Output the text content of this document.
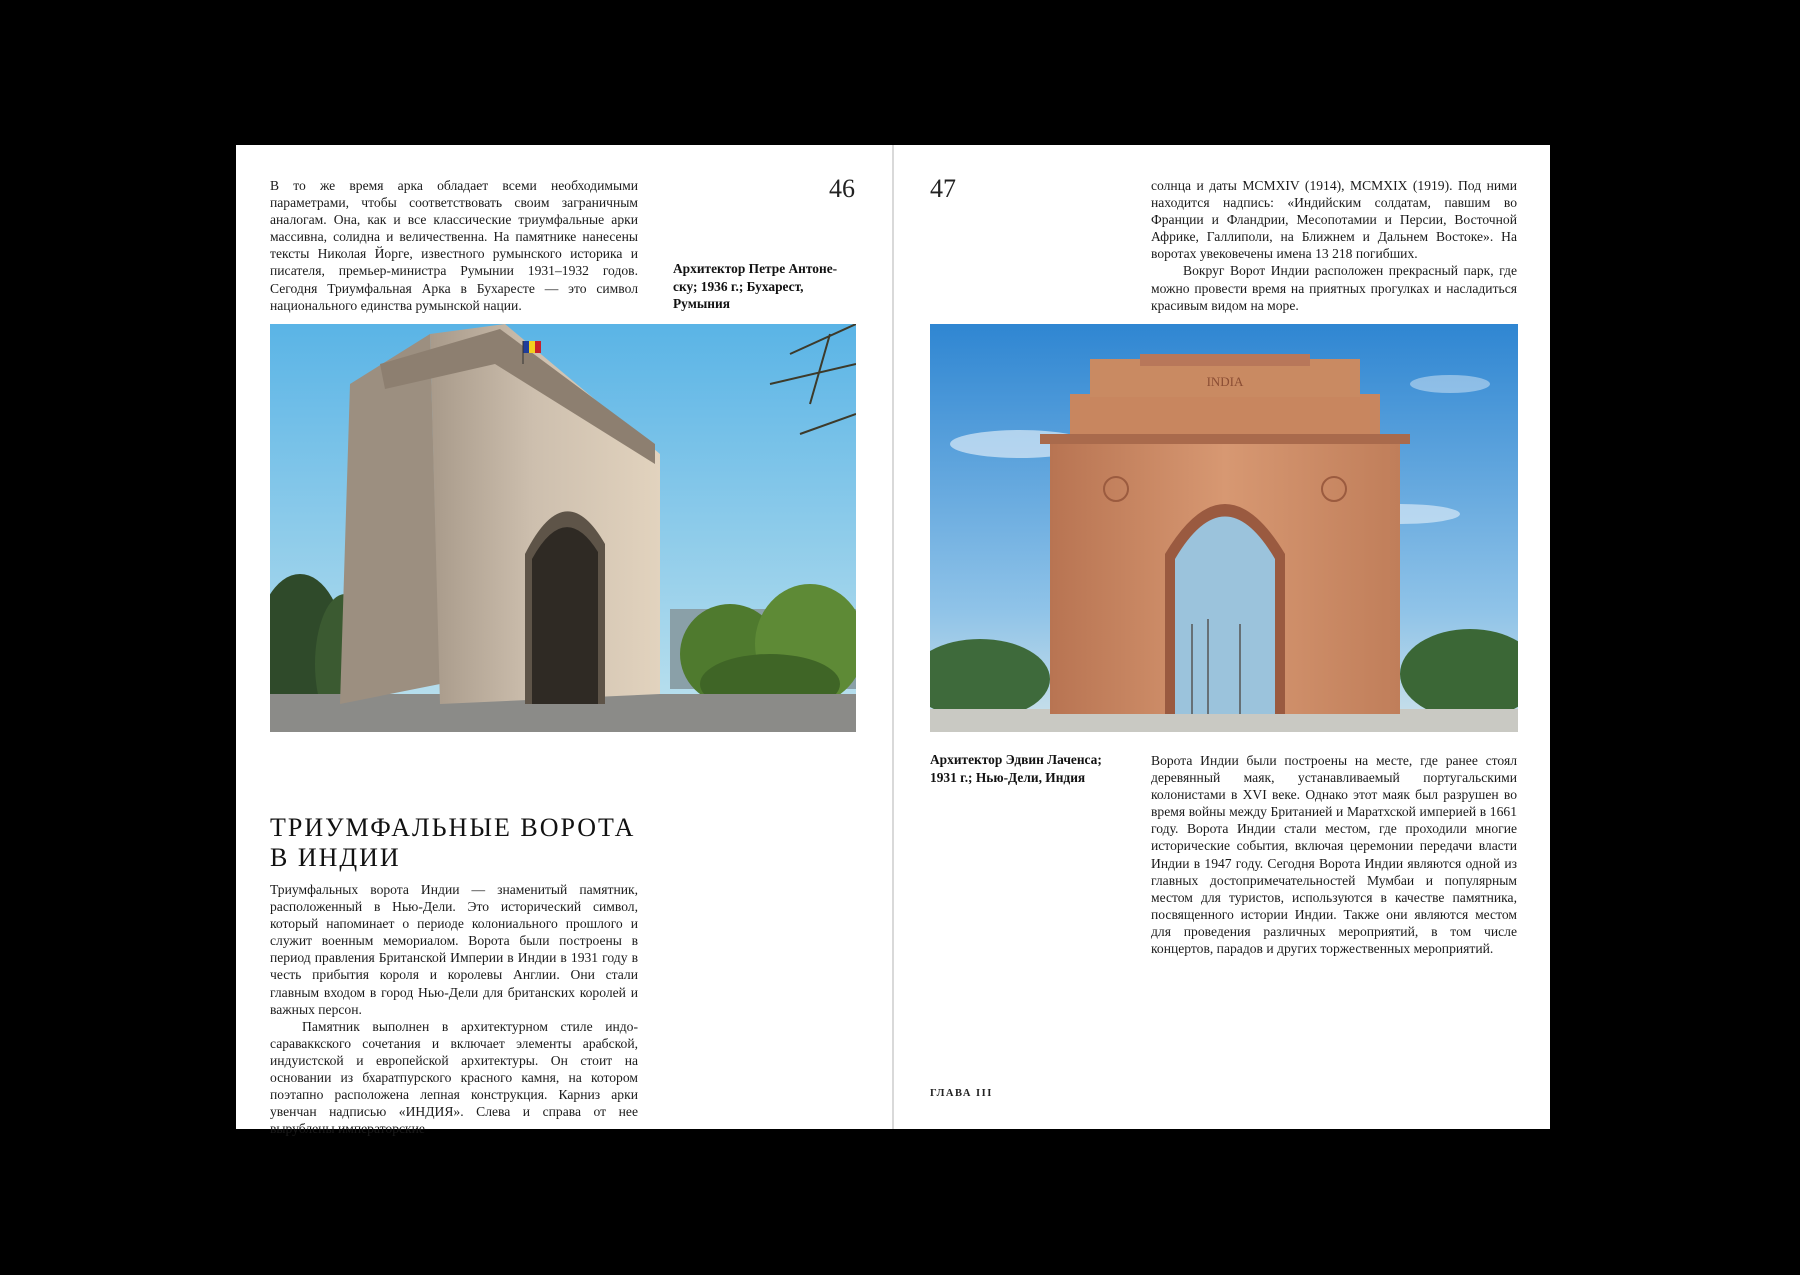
В то же время арка обладает всеми необходимыми параметрами, чтобы соответствовать своим заграничным аналогам. Она, как и все классические триумфальные арки массивна, солидна и величественна. На памятнике нанесены тексты Николая Йорге, известного румынского историка и писателя, премьер-министра Румынии 1931–1932 годов. Сегодня Триумфальная Арка в Бухаресте — это символ национального единства румынской нации.

46
Архитектор Петре Антоне-
ску; 1936 г.; Бухарест,
Румыния
ТРИУМФАЛЬНЫЕ ВОРОТА
В ИНДИИ

Триумфальных ворота Индии — знаменитый памятник, расположенный в Нью-Дели. Это исторический символ, который напоминает о периоде колониального прошлого и служит военным мемориалом. Ворота были построены в период правления Британской Империи в Индии в 1931 году в честь прибытия короля и королевы Англии. Они стали главным входом в город Нью-Дели для британских королей и важных персон.

Памятник выполнен в архитектурном стиле индо-сараваккского сочетания и включает элементы арабской, индуистской и европейской архитектуры. Он стоит на основании из бхаратпурского красного камня, на котором поэтапно расположена лепная конструкция. Карниз арки увенчан надписью «ИНДИЯ». Слева и справа от нее вырублены императорские

47	солнца и даты MCMXIV (1914), MCMXIX (1919). Под ними находится надпись: «Индийским солдатам, павшим во Франции и Фландрии, Месопотамии и Персии, Восточной Африке, Галлиполи, на Ближнем и Дальнем Востоке». На воротах увековечены имена 13 218 погибших.

Вокруг Ворот Индии расположен прекрасный парк, где можно провести время на приятных прогулках и насладиться красивым видом на море.

INDIA
Архитектор Эдвин Лаченса;
1931 г.; Нью-Дели, Индия

Ворота Индии были построены на месте, где ранее стоял деревянный маяк, устанавливаемый португальскими колонистами в XVI веке. Однако этот маяк был разрушен во время войны между Британией и Маратхской империей в 1661 году. Ворота Индии стали местом, где проходили многие исторические события, включая церемонии передачи власти Индии в 1947 году. Сегодня Ворота Индии являются одной из главных достопримечательностей Мумбаи и популярным местом для туристов, используются в качестве памятника, посвященного истории Индии. Также они являются местом для проведения различных мероприятий, в том числе концертов, парадов и других торжественных мероприятий.

ГЛАВА III
